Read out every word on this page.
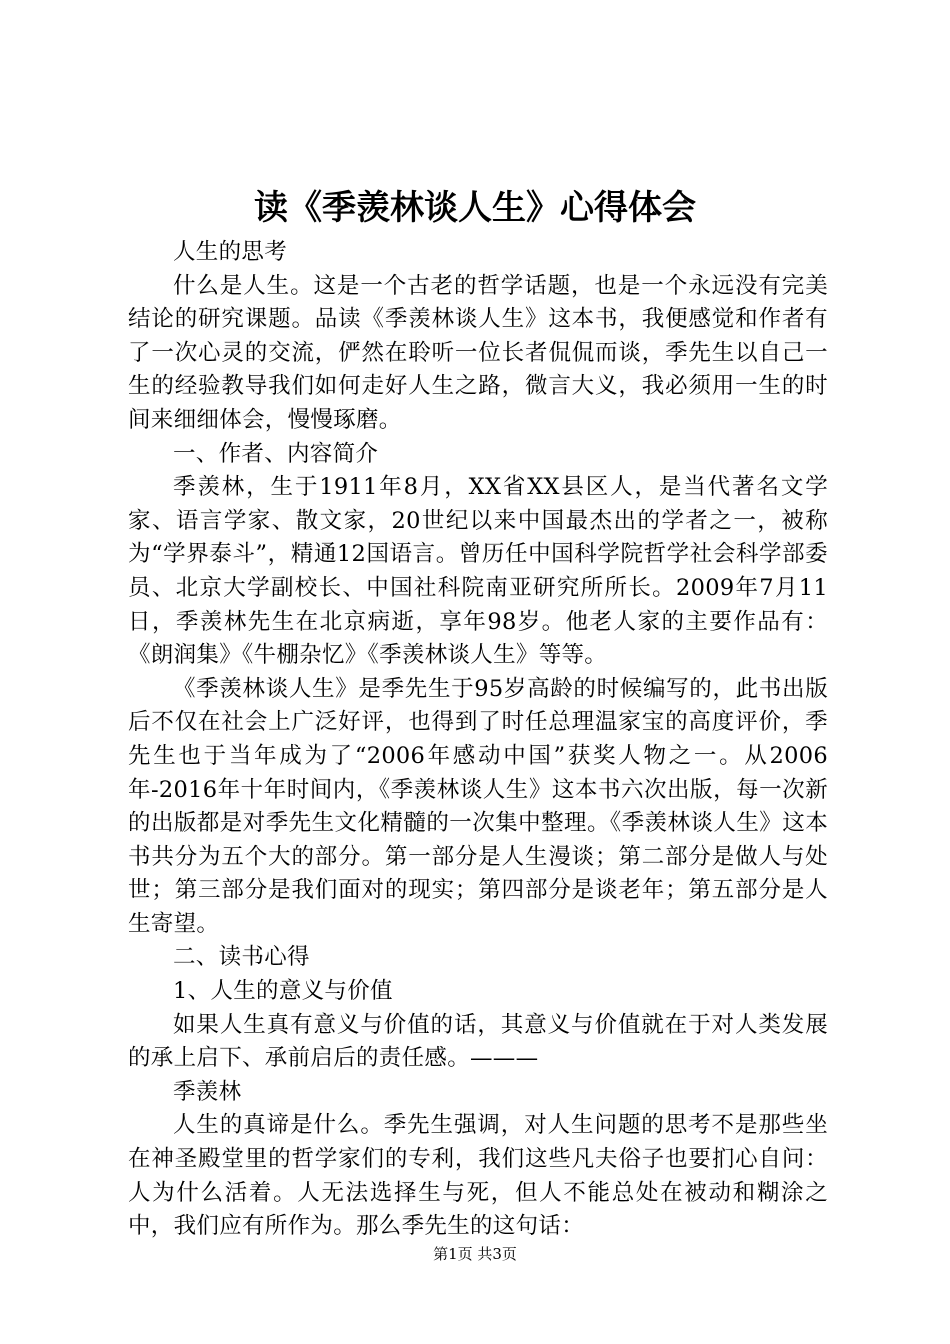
读《季羡林谈人生》心得体会

人生的思考

什么是人生。这是一个古老的哲学话题，也是一个永远没有完美结论的研究课题。品读《季羡林谈人生》这本书，我便感觉和作者有了一次心灵的交流，俨然在聆听一位长者侃侃而谈，季先生以自己一生的经验教导我们如何走好人生之路，微言大义，我必须用一生的时间来细细体会，慢慢琢磨。

一、作者、内容简介

季羡林，生于1911年8月，XX省XX县区人，是当代著名文学家、语言学家、散文家，20世纪以来中国最杰出的学者之一，被称为“学界泰斗”，精通12国语言。曾历任中国科学院哲学社会科学部委员、北京大学副校长、中国社科院南亚研究所所长。2009年7月11日，季羡林先生在北京病逝，享年98岁。他老人家的主要作品有：《朗润集》《牛棚杂忆》《季羡林谈人生》等等。

《季羡林谈人生》是季先生于95岁高龄的时候编写的，此书出版后不仅在社会上广泛好评，也得到了时任总理温家宝的高度评价，季先生也于当年成为了“2006年感动中国”获奖人物之一。从2006年-2016年十年时间内，《季羡林谈人生》这本书六次出版，每一次新的出版都是对季先生文化精髓的一次集中整理。《季羡林谈人生》这本书共分为五个大的部分。第一部分是人生漫谈；第二部分是做人与处世；第三部分是我们面对的现实；第四部分是谈老年；第五部分是人生寄望。

二、读书心得

1、人生的意义与价值

如果人生真有意义与价值的话，其意义与价值就在于对人类发展的承上启下、承前启后的责任感。———

季羡林

人生的真谛是什么。季先生强调，对人生问题的思考不是那些坐在神圣殿堂里的哲学家们的专利，我们这些凡夫俗子也要扪心自问：人为什么活着。人无法选择生与死，但人不能总处在被动和糊涂之中，我们应有所作为。那么季先生的这句话：

第1页 共3页
